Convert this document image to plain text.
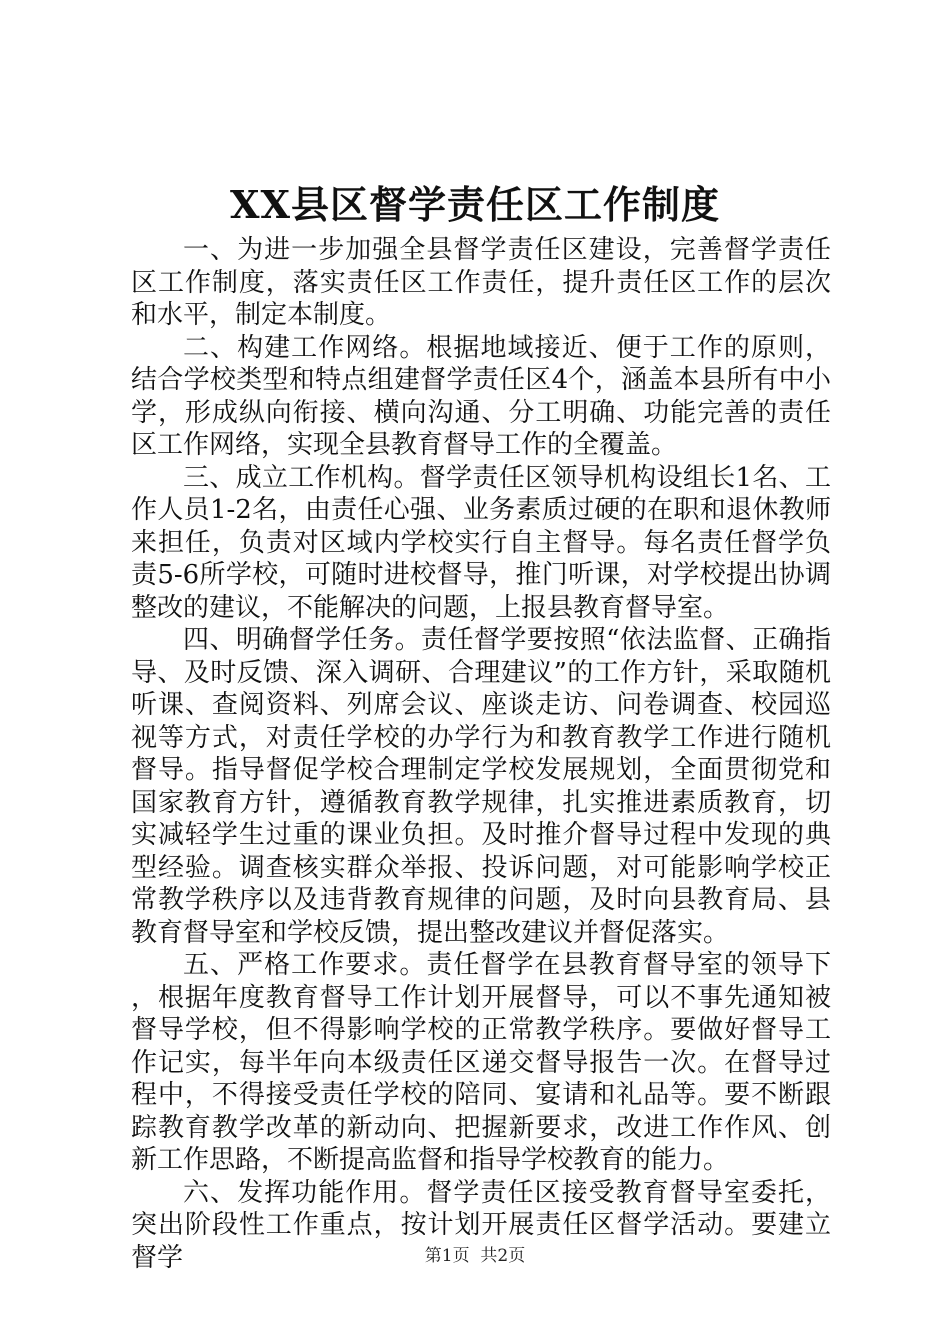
XX县区督学责任区工作制度

一、为进一步加强全县督学责任区建设，完善督学责任区工作制度，落实责任区工作责任，提升责任区工作的层次和水平，制定本制度。

二、构建工作网络。根据地域接近、便于工作的原则，结合学校类型和特点组建督学责任区4个，涵盖本县所有中小学，形成纵向衔接、横向沟通、分工明确、功能完善的责任区工作网络，实现全县教育督导工作的全覆盖。

三、成立工作机构。督学责任区领导机构设组长1名、工作人员1-2名，由责任心强、业务素质过硬的在职和退休教师来担任，负责对区域内学校实行自主督导。每名责任督学负责5-6所学校，可随时进校督导，推门听课，对学校提出协调整改的建议，不能解决的问题，上报县教育督导室。

四、明确督学任务。责任督学要按照“依法监督、正确指导、及时反馈、深入调研、合理建议”的工作方针，采取随机听课、查阅资料、列席会议、座谈走访、问卷调查、校园巡视等方式，对责任学校的办学行为和教育教学工作进行随机督导。指导督促学校合理制定学校发展规划，全面贯彻党和国家教育方针，遵循教育教学规律，扎实推进素质教育，切实减轻学生过重的课业负担。及时推介督导过程中发现的典型经验。调查核实群众举报、投诉问题，对可能影响学校正常教学秩序以及违背教育规律的问题，及时向县教育局、县教育督导室和学校反馈，提出整改建议并督促落实。

五、严格工作要求。责任督学在县教育督导室的领导下，根据年度教育督导工作计划开展督导，可以不事先通知被督导学校，但不得影响学校的正常教学秩序。要做好督导工作记实，每半年向本级责任区递交督导报告一次。在督导过程中，不得接受责任学校的陪同、宴请和礼品等。要不断跟踪教育教学改革的新动向、把握新要求，改进工作作风、创新工作思路，不断提高监督和指导学校教育的能力。

六、发挥功能作用。督学责任区接受教育督导室委托，突出阶段性工作重点，按计划开展责任区督学活动。要建立督学	第1页 共2页
